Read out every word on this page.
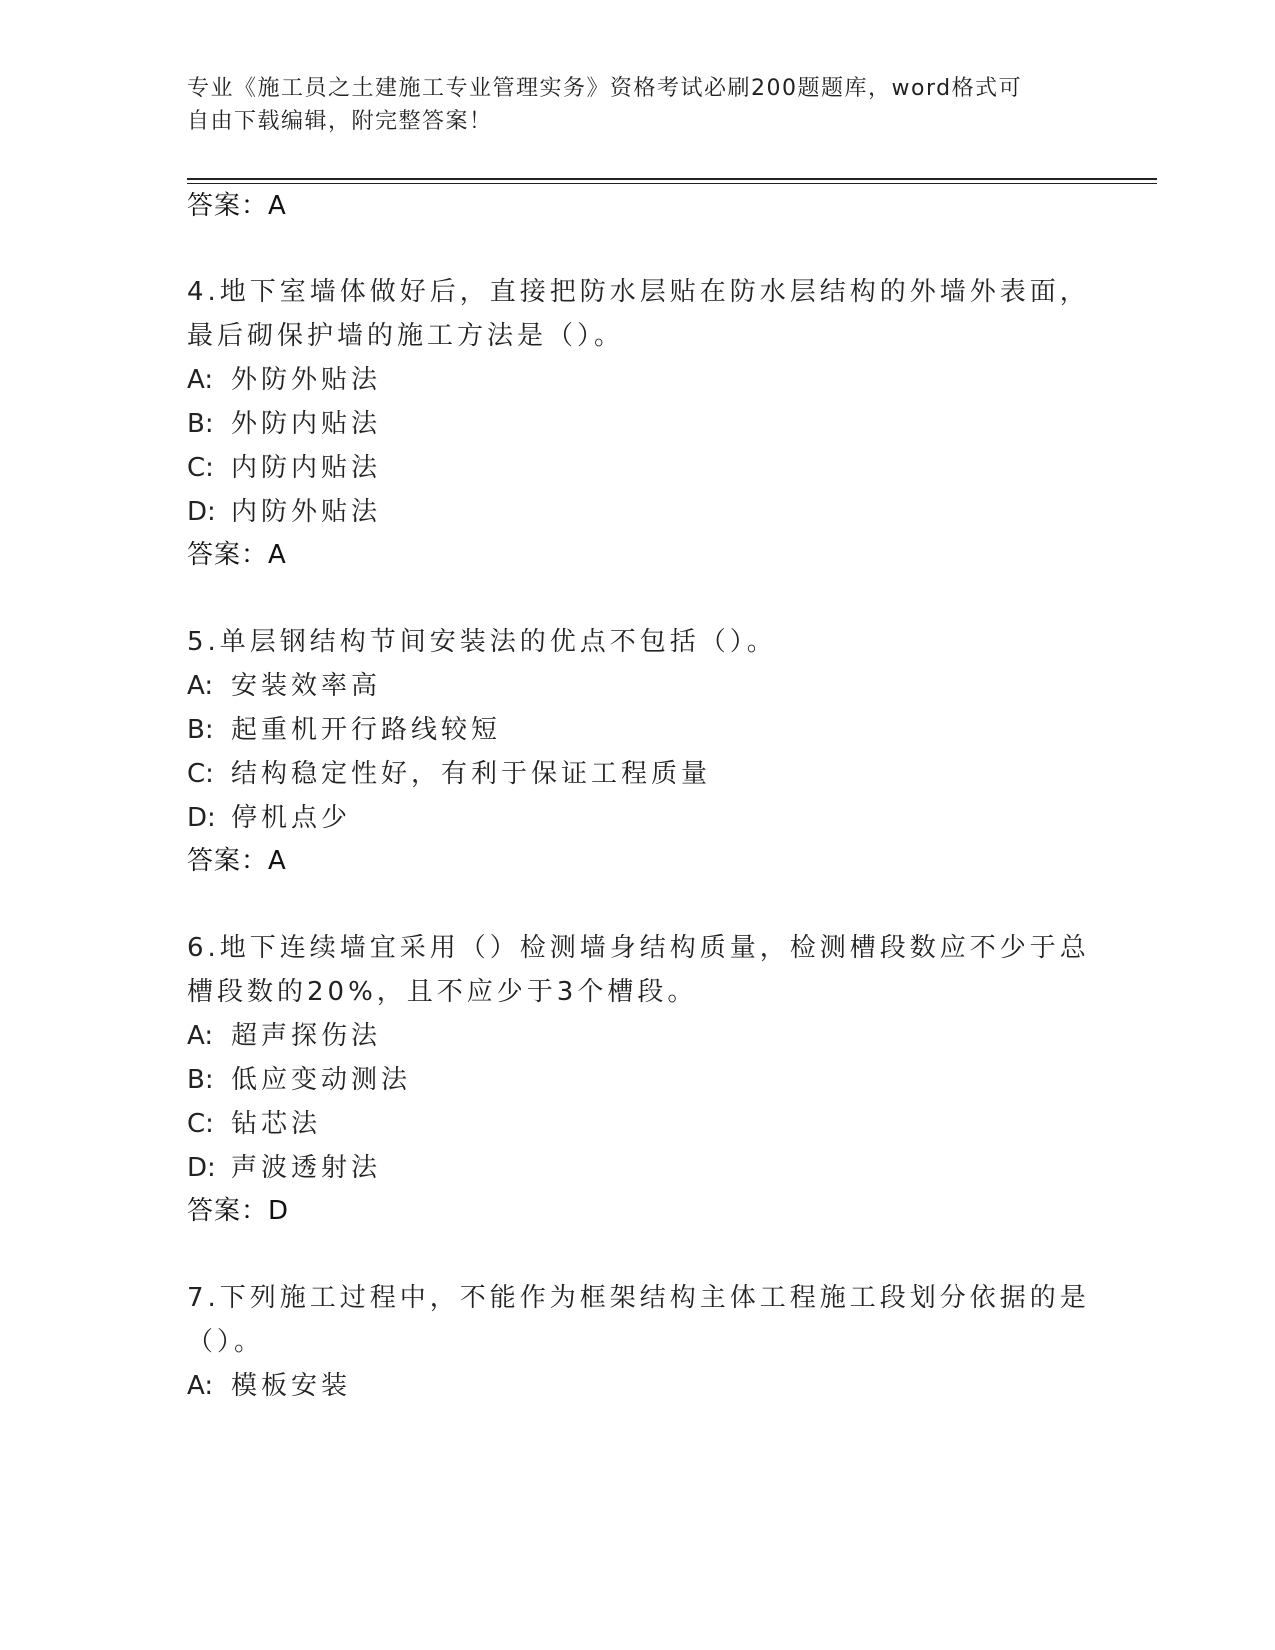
专业《施工员之土建施工专业管理实务》资格考试必刷200题题库，word格式可
自由下载编辑，附完整答案！
答案：A
4.地下室墙体做好后，直接把防水层贴在防水层结构的外墙外表面，
最后砌保护墙的施工方法是（）。
A: 外防外贴法
B: 外防内贴法
C: 内防内贴法
D: 内防外贴法
答案：A
5.单层钢结构节间安装法的优点不包括（）。
A: 安装效率高
B: 起重机开行路线较短
C: 结构稳定性好，有利于保证工程质量
D: 停机点少
答案：A
6.地下连续墙宜采用（）检测墙身结构质量，检测槽段数应不少于总
槽段数的20%，且不应少于3个槽段。
A: 超声探伤法
B: 低应变动测法
C: 钻芯法
D: 声波透射法
答案：D
7.下列施工过程中，不能作为框架结构主体工程施工段划分依据的是
（）。
A: 模板安装
